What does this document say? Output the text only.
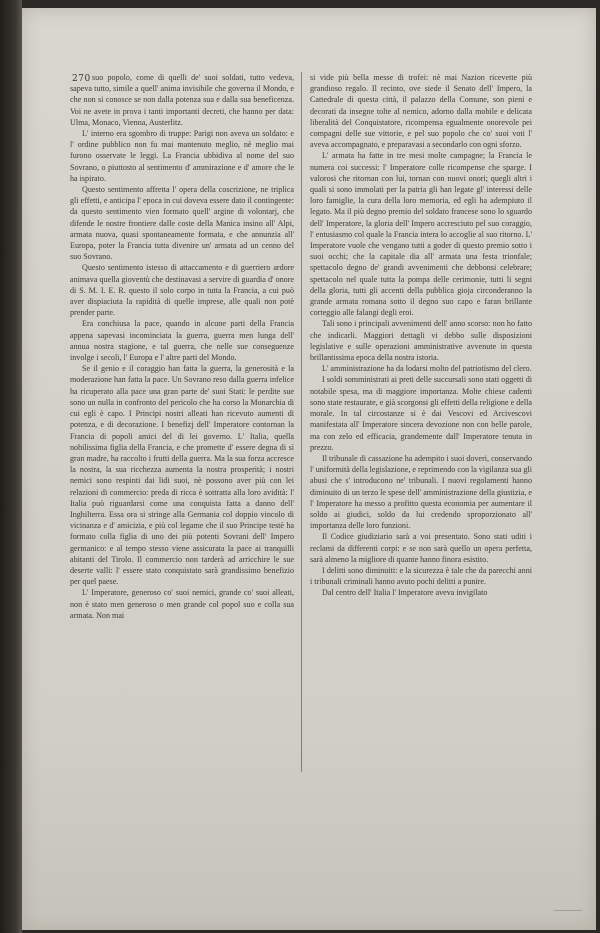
270 suo popolo, come di quelli de' suoi soldati, tutto vedeva, sapeva tutto, simile a quell' anima invisibile che governa il Mondo, e che non si conosce se non dalla potenza sua e dalla sua beneficenza. Voi ne avete in prova i tanti importanti decreti, che hanno per data: Ulma, Monaco, Vienna, Austerlitz.

L' interno era sgombro di truppe: Parigi non aveva un soldato: e l' ordine pubblico non fu mai mantenuto meglio, nè meglio mai furono osservate le leggi. La Francia ubbidiva al nome del suo Sovrano, o piuttosto al sentimento d' ammirazione e d' amore che le ha ispirato.

Questo sentimento affretta l' opera della coscrizione, ne triplica gli effetti, e anticipa l' epoca in cui doveva essere dato il contingente: da questo sentimento vien formato quell' argine di volontarj, che difende le nostre frontiere dalle coste della Manica insino all' Alpi, armata nuova, quasi spontaneamente formata, e che annunzia all' Europa, poter la Francia tutta divenire un' armata ad un cenno del suo Sovrano.

Questo sentimento istesso di attaccamento e di guerriero ardore animava quella gioventù che destinavasi a servire di guardia d' onore di S. M. I. E. R. questo il solo corpo in tutta la Francia, a cui può aver dispiaciuta la rapidità di quelle imprese, alle quali non potè prender parte.

Era conchiusa la pace, quando in alcune parti della Francia appena sapevasi incominciata la guerra, guerra men lunga dell' annua nostra stagione, e tal guerra, che nelle sue conseguenze involge i secoli, l' Europa e l' altre parti del Mondo.

Se il genio e il coraggio han fatta la guerra, la generosità e la moderazione han fatta la pace. Un Sovrano reso dalla guerra infelice ha ricuperato alla pace una gran parte de' suoi Stati: le perdite sue sono un nulla in confronto del pericolo che ha corso la Monarchia di cui egli è capo. I Principi nostri alleati han ricevuto aumenti di potenza, e di decorazione. I benefizj dell' Imperatore contornan la Francia di popoli amici del di lei governo. L' Italia, quella nobilissima figlia della Francia, e che promette d' essere degna di sì gran madre, ha raccolto i frutti della guerra. Ma la sua forza accresce la nostra, la sua ricchezza aumenta la nostra prosperità; i nostri nemici sono respinti dai lidi suoi, nè possono aver più con lei relazioni di commercio: preda di ricca è sottratta alla loro avidità: l' Italia può riguardarsi come una conquista fatta a danno dell' Inghilterra. Essa ora si stringe alla Germania col doppio vincolo di vicinanza e d' amicizia, e più col legame che il suo Principe testè ha formato colla figlia di uno dei più potenti Sovrani dell' Impero germanico: e al tempo stesso viene assicurata la pace ai tranquilli abitanti del Tirolo. Il commercio non tarderà ad arricchire le sue deserte valli: l' essere stato conquistato sarà grandissimo benefizio per quel paese.

L' Imperatore, generoso co' suoi nemici, grande co' suoi alleati, non è stato men generoso o men grande col popol suo e colla sua armata. Non mai

si vide più bella messe di trofei: nè mai Nazion ricevette più grandioso regalo. Il recinto, ove siede il Senato dell' Impero, la Cattedrale di questa città, il palazzo della Comune, son pieni e decorati da insegne tolte al nemico, adorno dalla mobile e delicata liberalità del Conquistatore, ricompensa egualmente onorevole pei compagni delle sue vittorie, e pel suo popolo che co' suoi voti l' aveva accompagnato, e preparavasi a secondarlo con ogni sforzo.

L' armata ha fatte in tre mesi molte campagne; la Francia le numera coi successi: l' Imperatore colle ricompense che sparge. I valorosi che ritornan con lui, tornan con nuovi onori; quegli altri i quali si sono immolati per la patria gli han legate gl' interessi delle loro famiglie, la cura della loro memoria, ed egli ha adempiuto il legato. Ma il più degno premio del soldato francese sono lo sguardo dell' Imperatore, la gloria dell' Impero accresciuto pel suo coraggio, l' entusiasmo col quale la Francia intera lo accoglie al suo ritorno. L' Imperatore vuole che vengano tutti a goder di questo premio sotto i suoi occhi; che la capitale dia all' armata una festa trionfale; spettacolo degno de' grandi avvenimenti che debbonsi celebrare; spettacolo nel quale tutta la pompa delle cerimonie, tutti li segni della gloria, tutti gli accenti della pubblica gioja circonderanno la grande armata romana sotto il degno suo capo e faran brillante corteggio alle falangi degli eroi.

Tali sono i principali avvenimenti dell' anno scorso: non ho fatto che indicarli. Maggiori dettagli vi debbo sulle disposizioni legislative e sulle operazioni amministrative avvenute in questa brillantissima epoca della nostra istoria.

L' amministrazione ha da lodarsi molto del patriotismo del clero.

I soldi somministrati ai preti delle succursali sono stati oggetti di notabile spesa, ma di maggiore importanza. Molte chiese cadenti sono state restaurate, e già scorgonsi gli effetti della religione e della morale. In tal circostanze si è dai Vescovi ed Arcivescovi manifestata all' Imperatore sincera devozione non con belle parole, ma con zelo ed efficacia, grandemente dall' Imperatore tenuta in prezzo.

Il tribunale di cassazione ha adempito i suoi doveri, conservando l' uniformità della legislazione, e reprimendo con la vigilanza sua gli abusi che s' introducono ne' tribunali. I nuovi regolamenti hanno diminuito di un terzo le spese dell' amministrazione della giustizia, e l' Imperatore ha messo a profitto questa economia per aumentare il soldo ai giudici, soldo da lui credendo sproporzionato all' importanza delle loro funzioni.

Il Codice giudiziario sarà a voi presentato. Sono stati uditi i reclami da differenti corpi: e se non sarà quello un opera perfetta, sarà almeno la migliore di quante hanno finora esistito.

I delitti sono diminuiti: e la sicurezza è tale che da parecchi anni i tribunali criminali hanno avuto pochi delitti a punire.

Dal centro dell' Italia l' Imperatore aveva invigilato
